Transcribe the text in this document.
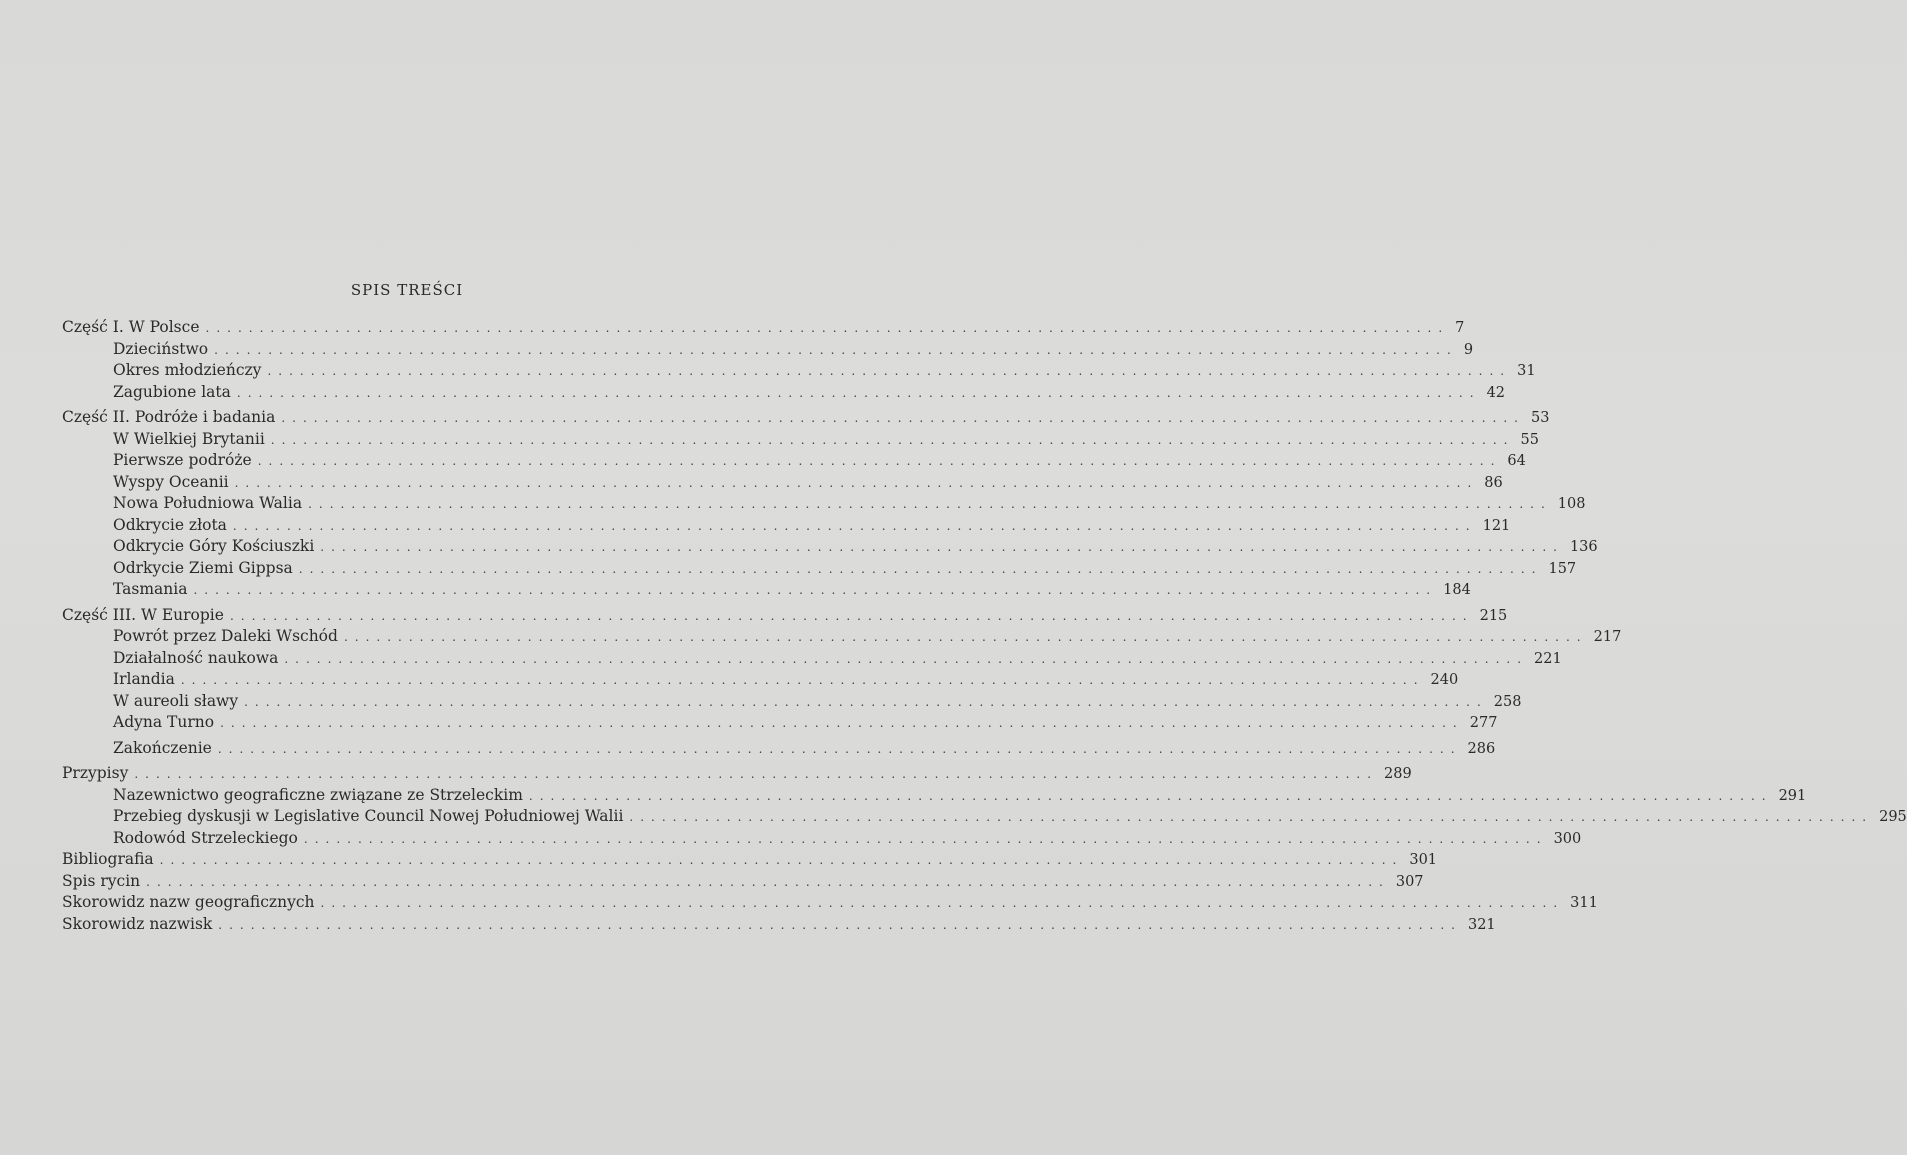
SPIS TREŚCI
Część I. W Polsce ................................................................................................................... 7
Dzieciństwo ................................................................................................................... 9
Okres młodzieńczy ................................................................................................................... 31
Zagubione lata ................................................................................................................... 42
Część II. Podróże i badania ................................................................................................................... 53
W Wielkiej Brytanii ................................................................................................................... 55
Pierwsze podróże ................................................................................................................... 64
Wyspy Oceanii ................................................................................................................... 86
Nowa Południowa Walia ................................................................................................................... 108
Odkrycie złota ................................................................................................................... 121
Odkrycie Góry Kościuszki ................................................................................................................... 136
Odrkycie Ziemi Gippsa ................................................................................................................... 157
Tasmania ................................................................................................................... 184
Część III. W Europie ................................................................................................................... 215
Powrót przez Daleki Wschód ................................................................................................................... 217
Działalność naukowa ................................................................................................................... 221
Irlandia ................................................................................................................... 240
W aureoli sławy ................................................................................................................... 258
Adyna Turno ................................................................................................................... 277
Zakończenie ................................................................................................................... 286
Przypisy ................................................................................................................... 289
Nazewnictwo geograficzne związane ze Strzeleckim ................................................................................................................... 291
Przebieg dyskusji w Legislative Council Nowej Południowej Walii ................................................................................................................... 295
Rodowód Strzeleckiego ................................................................................................................... 300
Bibliografia ................................................................................................................... 301
Spis rycin ................................................................................................................... 307
Skorowidz nazw geograficznych ................................................................................................................... 311
Skorowidz nazwisk ................................................................................................................... 321
